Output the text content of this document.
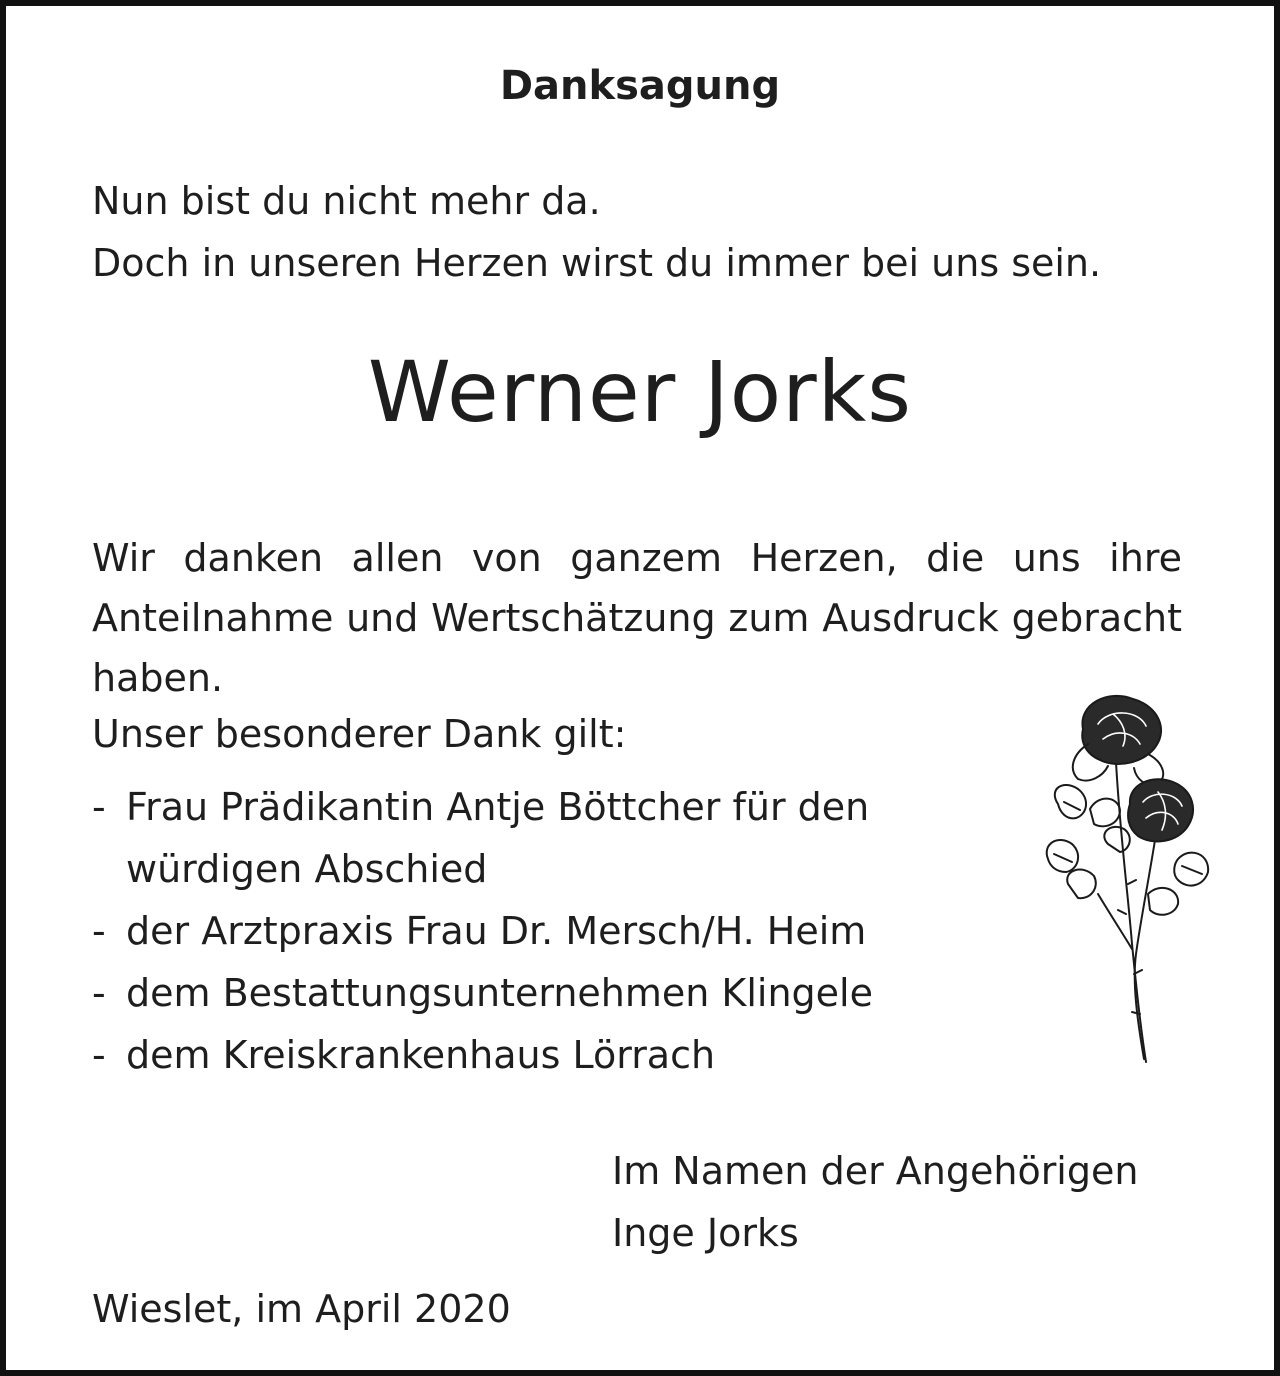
Danksagung
Nun bist du nicht mehr da.
Doch in unseren Herzen wirst du immer bei uns sein.
Werner Jorks

Wir danken allen von ganzem Herzen, die uns ihre Anteilnahme und Wertschätzung zum Ausdruck gebracht haben.

Unser besonderer Dank gilt:
- Frau Prädikantin Antje Böttcher für den
würdigen Abschied
- der Arztpraxis Frau Dr. Mersch/H. Heim
- dem Bestattungsunternehmen Klingele
- dem Kreiskrankenhaus Lörrach
Im Namen der Angehörigen
Inge Jorks
Wieslet, im April 2020
